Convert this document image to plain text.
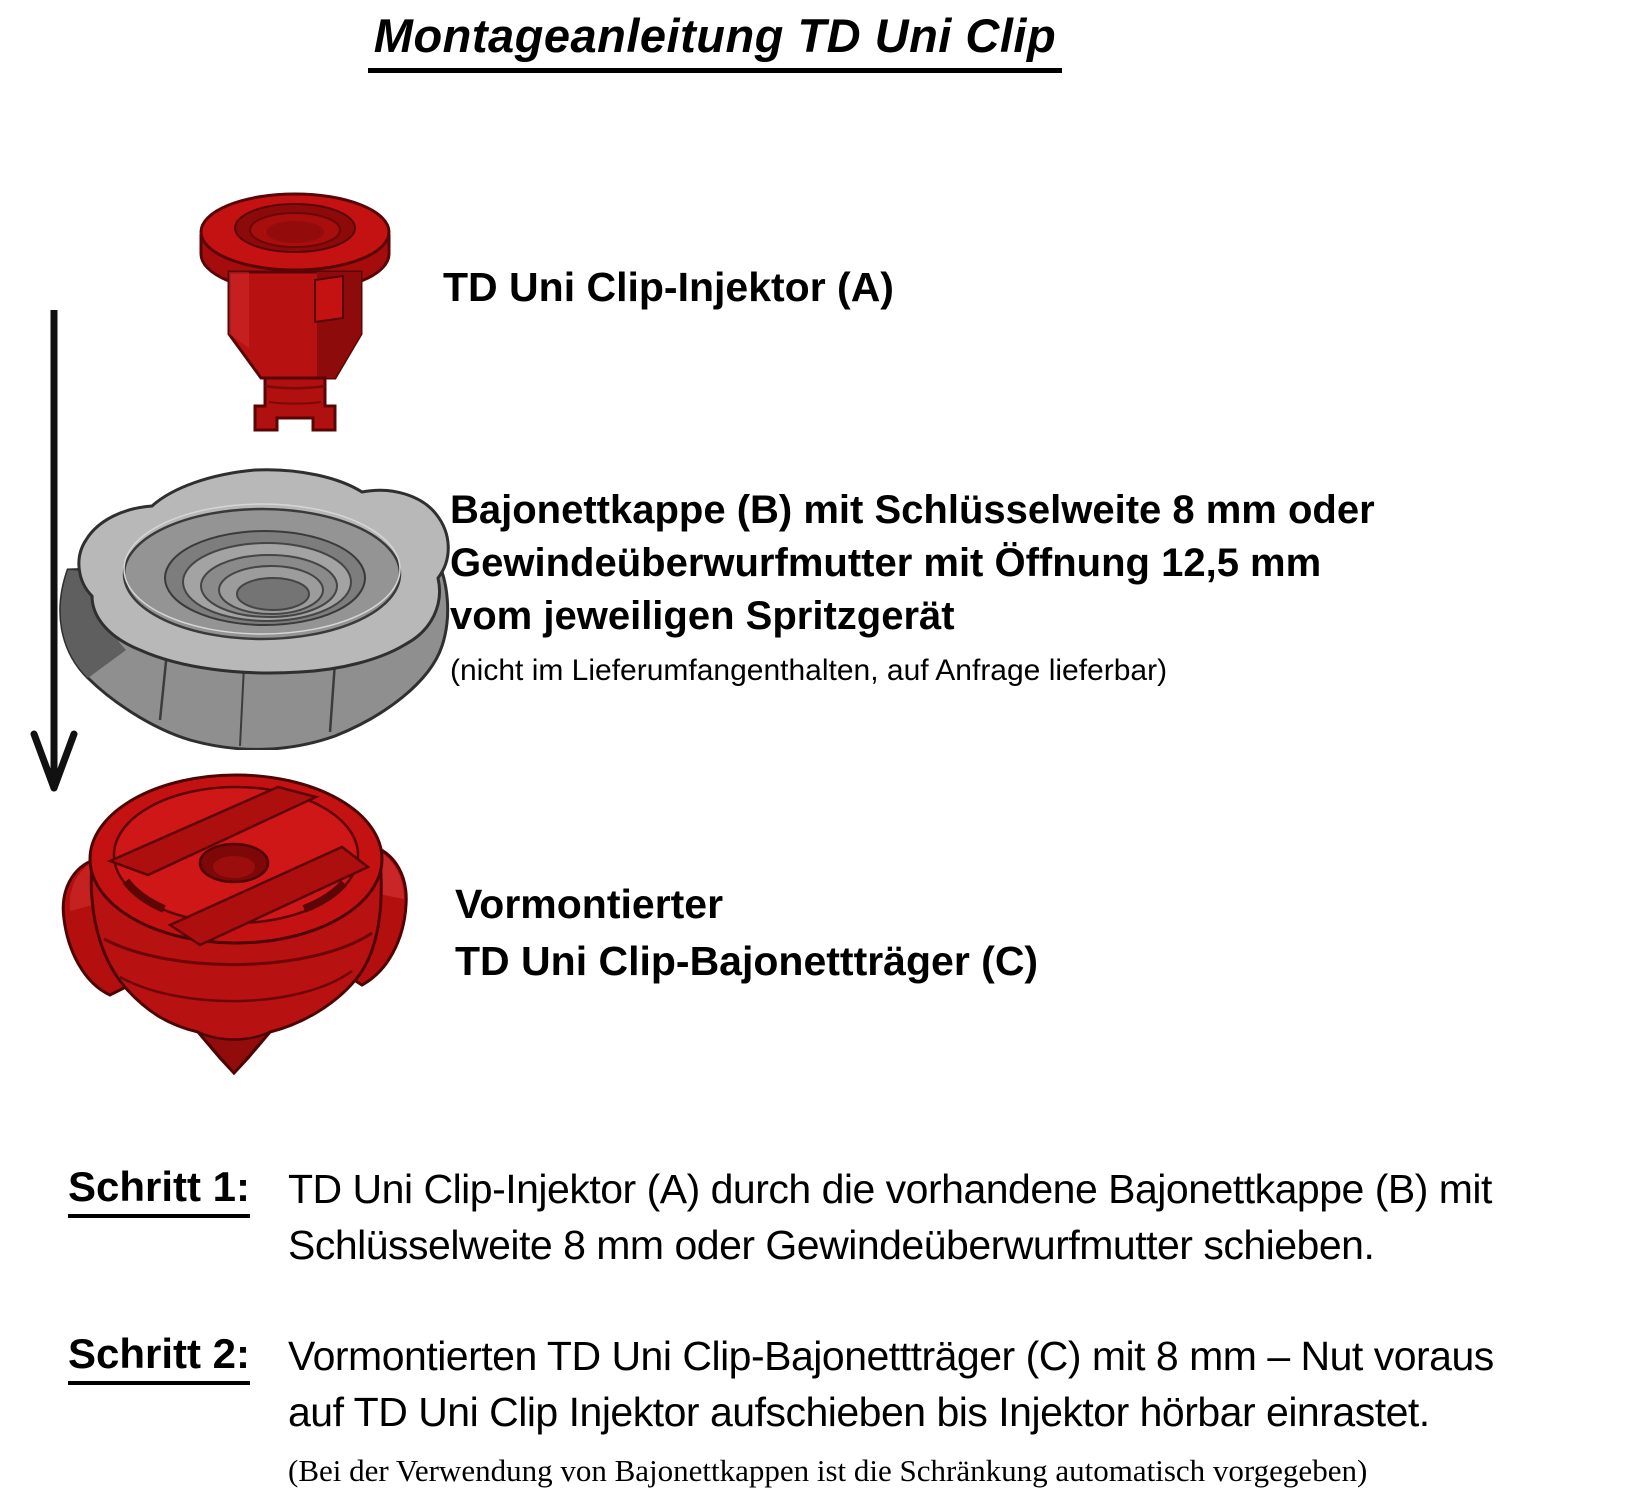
Montageanleitung TD Uni Clip
TD Uni Clip-Injektor (A)
Bajonettkappe (B) mit Schlüsselweite 8 mm oder
Gewindeüberwurfmutter mit Öffnung 12,5 mm
vom jeweiligen Spritzgerät
(nicht im Lieferumfangenthalten, auf Anfrage lieferbar)
Vormontierter
TD Uni Clip-Bajonettträger (C)
Schritt 1: TD Uni Clip-Injektor (A) durch die vorhandene Bajonettkappe (B) mit
Schlüsselweite 8 mm oder Gewindeüberwurfmutter schieben.
Schritt 2: Vormontierten TD Uni Clip-Bajonettträger (C) mit 8 mm – Nut voraus
auf TD Uni Clip Injektor aufschieben bis Injektor hörbar einrastet.
(Bei der Verwendung von Bajonettkappen ist die Schränkung automatisch vorgegeben)
